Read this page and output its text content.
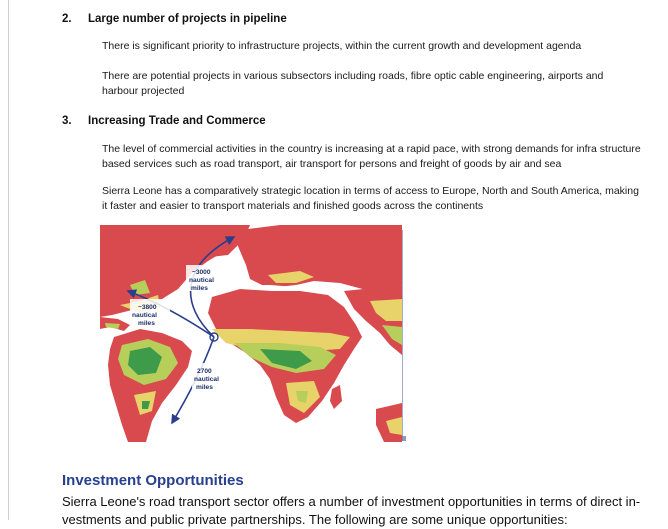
2. Large number of projects in pipeline
There is significant priority to infrastructure projects, within the current growth and development agenda
There are potential projects in various subsectors including roads, fibre optic cable engineering, airports and harbour projected
3. Increasing Trade and Commerce
The level of commercial activities in the country is increasing at a rapid pace, with strong demands for infra structure based services such as road transport, air transport for persons and freight of goods by air and sea
Sierra Leone has a comparatively strategic location in terms of access to Europe, North and South America, making it faster and easier to transport materials and finished goods across the continents
~3000
nautical
miles
~3800
nautical
miles
2700
nautical
miles
Investment Opportunities
Sierra Leone's road transport sector offers a number of investment opportunities in terms of direct in- vestments and public private partnerships. The following are some unique opportunities:
